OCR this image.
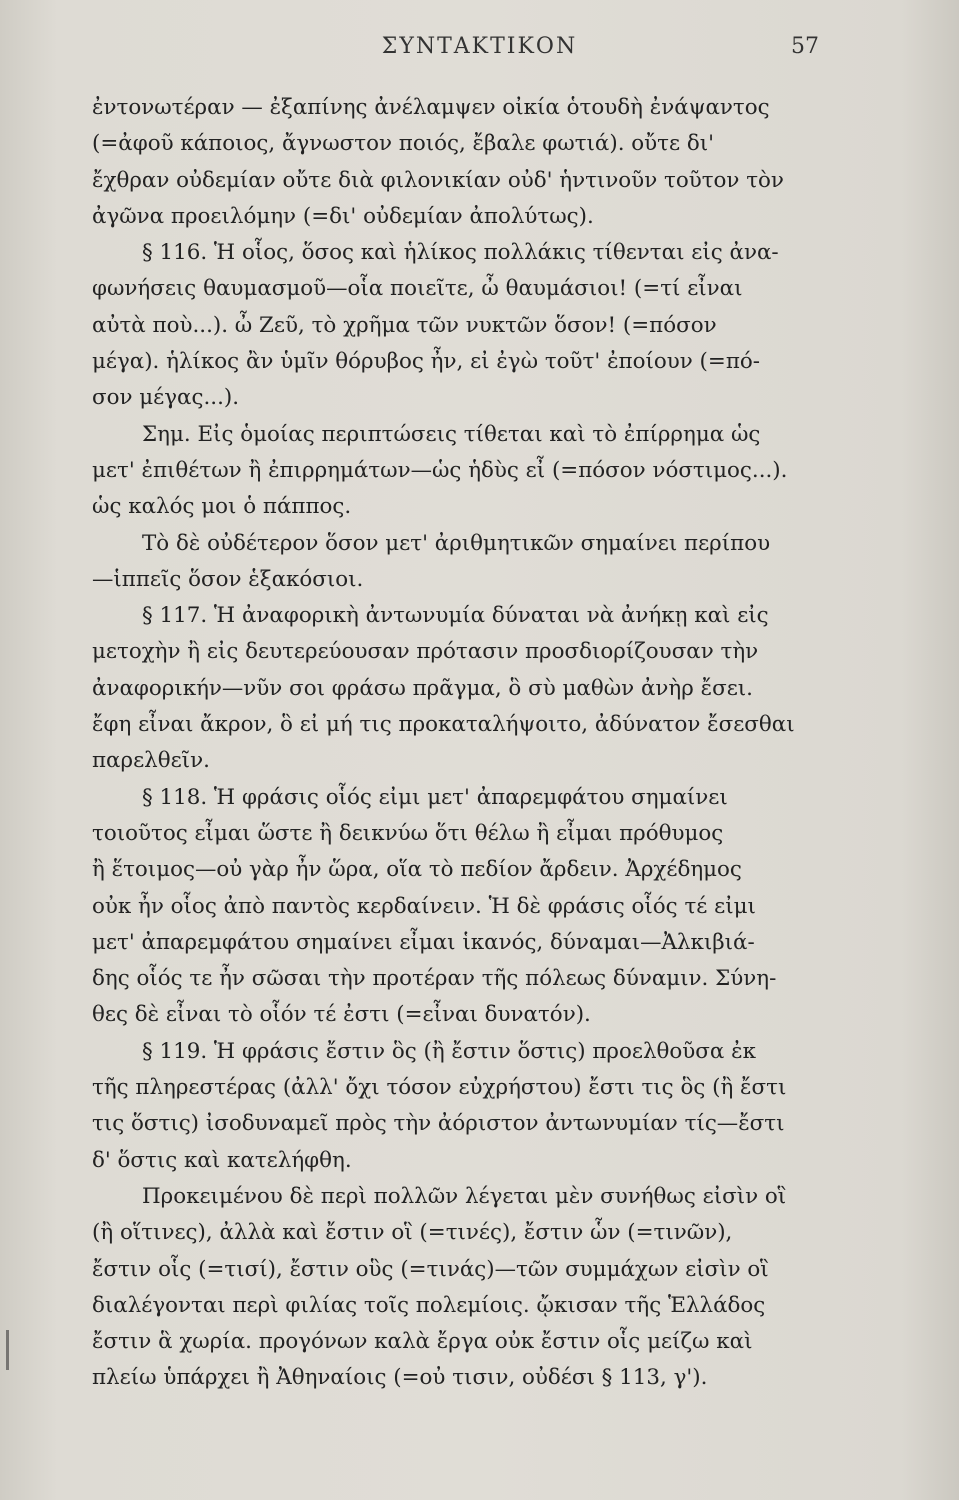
ΣΥΝΤΑΚΤΙΚΟΝ	57
ἐντονωτέραν — ἐξαπίνης ἀνέλαμψεν οἰκία ὁτουδὴ ἐνάψαντος
(=ἀφοῦ κάποιος, ἄγνωστον ποιός, ἔβαλε φωτιά). οὔτε δι'
ἔχθραν οὐδεμίαν οὔτε διὰ φιλονικίαν οὐδ' ἡντινοῦν τοῦτον τὸν
ἀγῶνα προειλόμην (=δι' οὐδεμίαν ἀπολύτως).
§ 116. Ἡ οἷος, ὅσος καὶ ἡλίκος πολλάκις τίθενται εἰς ἀνα-
φωνήσεις θαυμασμοῦ—οἷα ποιεῖτε, ὦ θαυμάσιοι! (=τί εἶναι
αὐτὰ ποὺ...). ὦ Ζεῦ, τὸ χρῆμα τῶν νυκτῶν ὅσον! (=πόσον
μέγα). ἡλίκος ἂν ὑμῖν θόρυβος ἦν, εἰ ἐγὼ τοῦτ' ἐποίουν (=πό-
σον μέγας...).
Σημ. Εἰς ὁμοίας περιπτώσεις τίθεται καὶ τὸ ἐπίρρημα ὡς
μετ' ἐπιθέτων ἢ ἐπιρρημάτων—ὡς ἡδὺς εἶ (=πόσον νόστιμος...).
ὡς καλός μοι ὁ πάππος.
Τὸ δὲ οὐδέτερον ὅσον μετ' ἀριθμητικῶν σημαίνει περίπου
—ἱππεῖς ὅσον ἑξακόσιοι.
§ 117. Ἡ ἀναφορικὴ ἀντωνυμία δύναται νὰ ἀνήκῃ καὶ εἰς
μετοχὴν ἢ εἰς δευτερεύουσαν πρότασιν προσδιορίζουσαν τὴν
ἀναφορικήν—νῦν σοι φράσω πρᾶγμα, ὃ σὺ μαθὼν ἀνὴρ ἔσει.
ἔφη εἶναι ἄκρον, ὃ εἰ μή τις προκαταλήψοιτο, ἀδύνατον ἔσεσθαι
παρελθεῖν.
§ 118. Ἡ φράσις οἷός εἰμι μετ' ἀπαρεμφάτου σημαίνει
τοιοῦτος εἶμαι ὥστε ἢ δεικνύω ὅτι θέλω ἢ εἶμαι πρόθυμος
ἢ ἕτοιμος—οὐ γὰρ ἦν ὥρα, οἵα τὸ πεδίον ἄρδειν. Ἀρχέδημος
οὐκ ἦν οἷος ἀπὸ παντὸς κερδαίνειν. Ἡ δὲ φράσις οἷός τέ εἰμι
μετ' ἀπαρεμφάτου σημαίνει εἶμαι ἱκανός, δύναμαι—Ἀλκιβιά-
δης οἷός τε ἦν σῶσαι τὴν προτέραν τῆς πόλεως δύναμιν. Σύνη-
θες δὲ εἶναι τὸ οἷόν τέ ἐστι (=εἶναι δυνατόν).
§ 119. Ἡ φράσις ἔστιν ὃς (ἢ ἔστιν ὅστις) προελθοῦσα ἐκ
τῆς πληρεστέρας (ἀλλ' ὄχι τόσον εὐχρήστου) ἔστι τις ὃς (ἢ ἔστι
τις ὅστις) ἰσοδυναμεῖ πρὸς τὴν ἀόριστον ἀντωνυμίαν τίς—ἔστι
δ' ὅστις καὶ κατελήφθη.
Προκειμένου δὲ περὶ πολλῶν λέγεται μὲν συνήθως εἰσὶν οἳ
(ἢ οἵτινες), ἀλλὰ καὶ ἔστιν οἳ (=τινές), ἔστιν ὧν (=τινῶν),
ἔστιν οἷς (=τισί), ἔστιν οὓς (=τινάς)—τῶν συμμάχων εἰσὶν οἳ
διαλέγονται περὶ φιλίας τοῖς πολεμίοις. ᾤκισαν τῆς Ἑλλάδος
ἔστιν ἃ χωρία. προγόνων καλὰ ἔργα οὐκ ἔστιν οἷς μείζω καὶ
πλείω ὑπάρχει ἢ Ἀθηναίοις (=οὐ τισιν, οὐδέσι § 113, γ').
